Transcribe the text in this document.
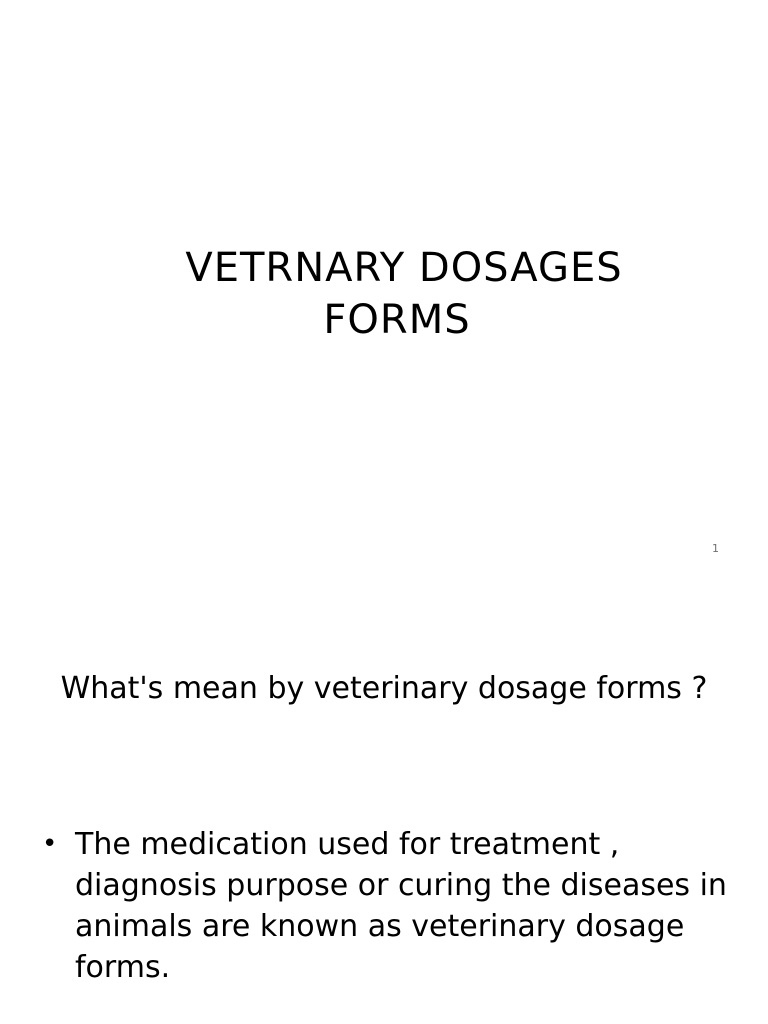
VETRNARY DOSAGES
FORMS
1
What's mean by veterinary dosage forms ?
• The medication used for treatment , diagnosis purpose or curing the diseases in animals are known as veterinary dosage forms.
